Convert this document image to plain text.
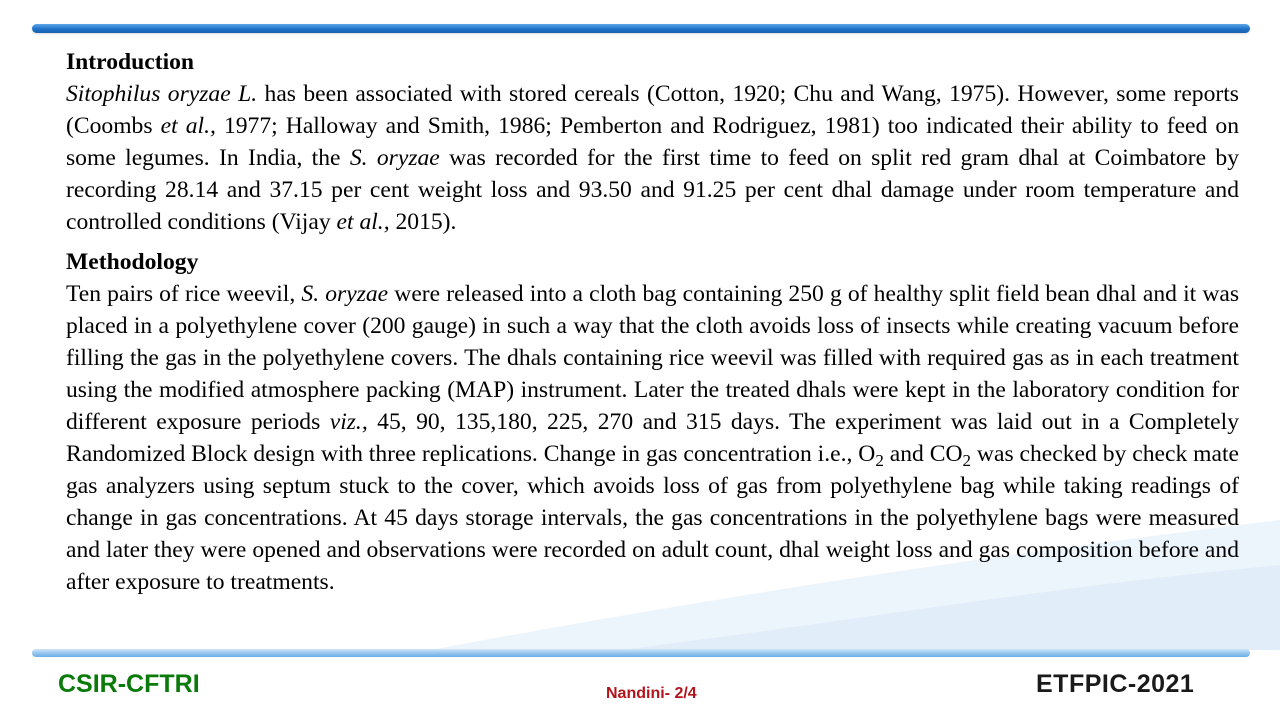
Introduction

Sitophilus oryzae L. has been associated with stored cereals (Cotton, 1920; Chu and Wang, 1975). However, some reports (Coombs et al., 1977; Halloway and Smith, 1986; Pemberton and Rodriguez, 1981) too indicated their ability to feed on some legumes. In India, the S. oryzae was recorded for the first time to feed on split red gram dhal at Coimbatore by recording 28.14 and 37.15 per cent weight loss and 93.50 and 91.25 per cent dhal damage under room temperature and controlled conditions (Vijay et al., 2015).

Methodology

Ten pairs of rice weevil, S. oryzae were released into a cloth bag containing 250 g of healthy split field bean dhal and it was placed in a polyethylene cover (200 gauge) in such a way that the cloth avoids loss of insects while creating vacuum before filling the gas in the polyethylene covers. The dhals containing rice weevil was filled with required gas as in each treatment using the modified atmosphere packing (MAP) instrument. Later the treated dhals were kept in the laboratory condition for different exposure periods viz., 45, 90, 135,180, 225, 270 and 315 days. The experiment was laid out in a Completely Randomized Block design with three replications. Change in gas concentration i.e., $O_2$ and $CO_2$ was checked by check mate gas analyzers using septum stuck to the cover, which avoids loss of gas from polyethylene bag while taking readings of change in gas concentrations. At 45 days storage intervals, the gas concentrations in the polyethylene bags were measured and later they were opened and observations were recorded on adult count, dhal weight loss and gas composition before and after exposure to treatments.

CSIR-CFTRI	Nandini- 2/4	ETFPIC-2021
